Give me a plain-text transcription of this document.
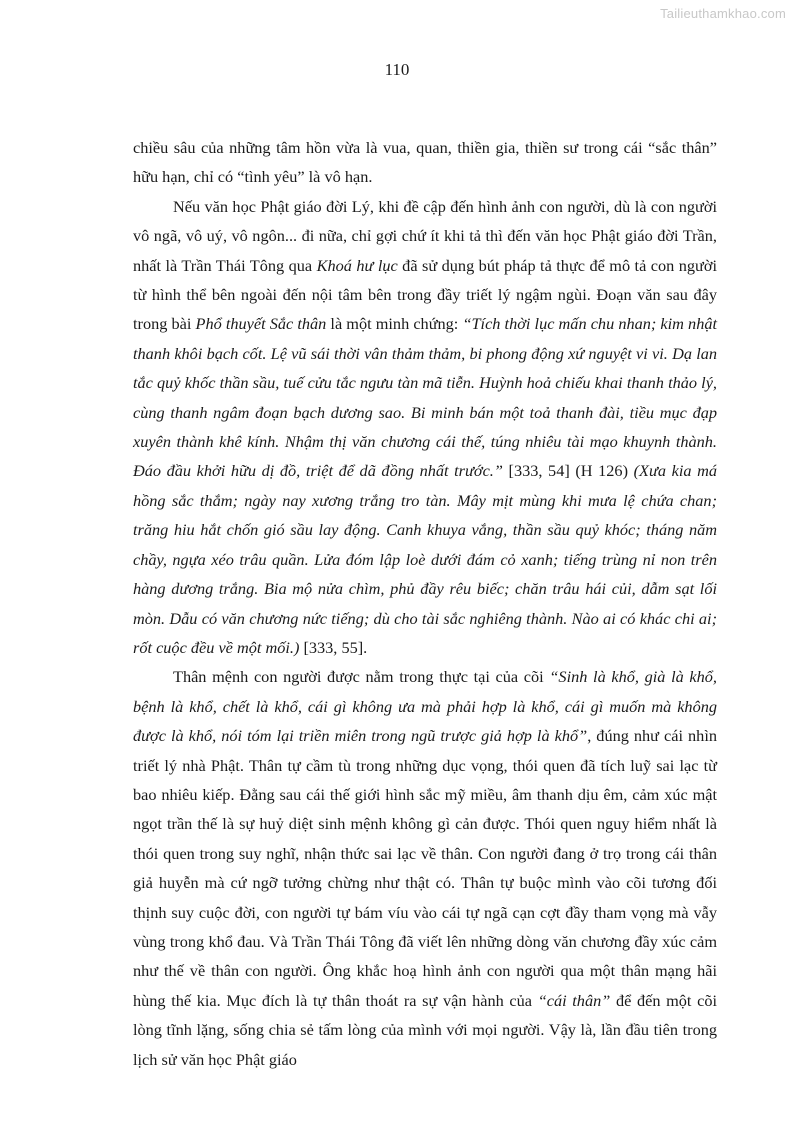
Tailieuthamkhao.com
110

chiều sâu của những tâm hồn vừa là vua, quan, thiền gia, thiền sư trong cái “sắc thân” hữu hạn, chỉ có “tình yêu” là vô hạn.

Nếu văn học Phật giáo đời Lý, khi đề cập đến hình ảnh con người, dù là con người vô ngã, vô uý, vô ngôn... đi nữa, chỉ gợi chứ ít khi tả thì đến văn học Phật giáo đời Trần, nhất là Trần Thái Tông qua Khoá hư lục đã sử dụng bút pháp tả thực để mô tả con người từ hình thể bên ngoài đến nội tâm bên trong đầy triết lý ngậm ngùi. Đoạn văn sau đây trong bài Phổ thuyết Sắc thân là một minh chứng: “Tích thời lục mấn chu nhan; kim nhật thanh khôi bạch cốt. Lệ vũ sái thời vân thảm thảm, bi phong động xứ nguyệt vi vi. Dạ lan tắc quỷ khốc thần sầu, tuế cửu tắc ngưu tàn mã tiễn. Huỳnh hoả chiếu khai thanh thảo lý, cùng thanh ngâm đoạn bạch dương sao. Bi minh bán một toả thanh đài, tiều mục đạp xuyên thành khê kính. Nhậm thị văn chương cái thế, túng nhiêu tài mạo khuynh thành. Đáo đầu khởi hữu dị đồ, triệt để dã đồng nhất trước.” [333, 54] (H 126) (Xưa kia má hồng sắc thắm; ngày nay xương trắng tro tàn. Mây mịt mùng khi mưa lệ chứa chan; trăng hiu hắt chốn gió sầu lay động. Canh khuya vắng, thần sầu quỷ khóc; tháng năm chầy, ngựa xéo trâu quần. Lửa đóm lập loè dưới đám cỏ xanh; tiếng trùng nỉ non trên hàng dương trắng. Bia mộ nửa chìm, phủ đầy rêu biếc; chăn trâu hái củi, dẫm sạt lối mòn. Dẫu có văn chương nức tiếng; dù cho tài sắc nghiêng thành. Nào ai có khác chi ai; rốt cuộc đều về một mối.) [333, 55].

Thân mệnh con người được nằm trong thực tại của cõi “Sinh là khổ, già là khổ, bệnh là khổ, chết là khổ, cái gì không ưa mà phải hợp là khổ, cái gì muốn mà không được là khổ, nói tóm lại triền miên trong ngũ trược giả hợp là khổ”, đúng như cái nhìn triết lý nhà Phật. Thân tự cầm tù trong những dục vọng, thói quen đã tích luỹ sai lạc từ bao nhiêu kiếp. Đằng sau cái thế giới hình sắc mỹ miều, âm thanh dịu êm, cảm xúc mật ngọt trần thế là sự huỷ diệt sinh mệnh không gì cản được. Thói quen nguy hiểm nhất là thói quen trong suy nghĩ, nhận thức sai lạc về thân. Con người đang ở trọ trong cái thân giả huyễn mà cứ ngỡ tưởng chừng như thật có. Thân tự buộc mình vào cõi tương đối thịnh suy cuộc đời, con người tự bám víu vào cái tự ngã cạn cợt đầy tham vọng mà vẫy vùng trong khổ đau. Và Trần Thái Tông đã viết lên những dòng văn chương đầy xúc cảm như thế về thân con người. Ông khắc hoạ hình ảnh con người qua một thân mạng hãi hùng thế kia. Mục đích là tự thân thoát ra sự vận hành của “cái thân” để đến một cõi lòng tĩnh lặng, sống chia sẻ tấm lòng của mình với mọi người. Vậy là, lần đầu tiên trong lịch sử văn học Phật giáo
